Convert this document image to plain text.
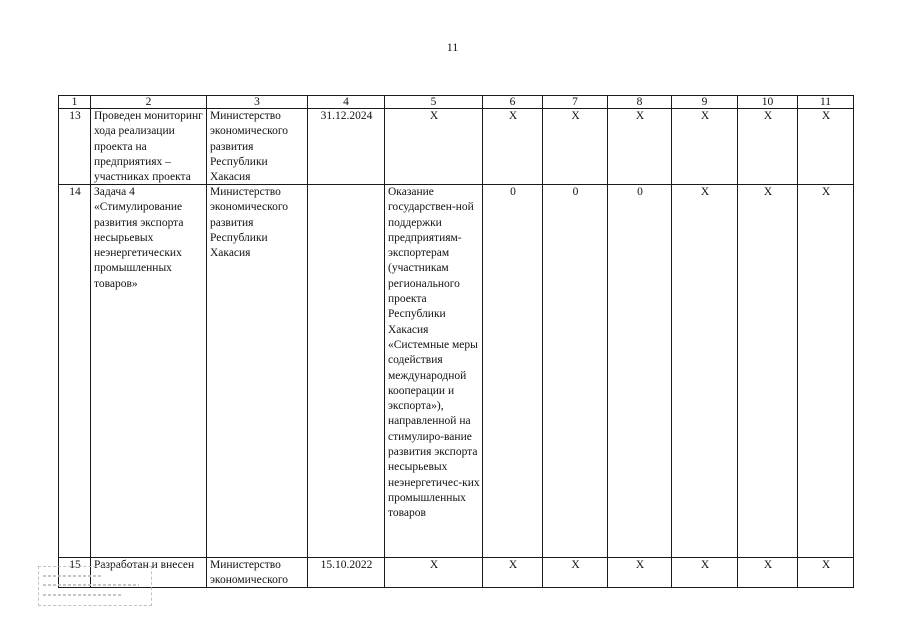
11
1	2	3	4	5	6	7	8	9	10	11

13	Проведен мониторинг хода реализации проекта на предприятиях – участниках проекта	Министерство экономического развития Республики Хакасия	31.12.2024	Х	Х	Х	Х	Х	Х	Х
14	Задача 4 «Стимулирование развития экспорта несырьевых неэнергетических промышленных товаров»	Министерство экономического развития Республики Хакасия		Оказание государствен-ной поддержки предприятиям-экспортерам (участникам регионального проекта Республики Хакасия «Системные меры содействия международной кооперации и экспорта»), направленной на стимулиро-вание развития экспорта несырьевых неэнергетичес-ких промышленных товаров	0	0	0	Х	Х	Х

15	Разработан и внесен	Министерство экономического	15.10.2022	Х	Х	Х	Х	Х	Х	Х
